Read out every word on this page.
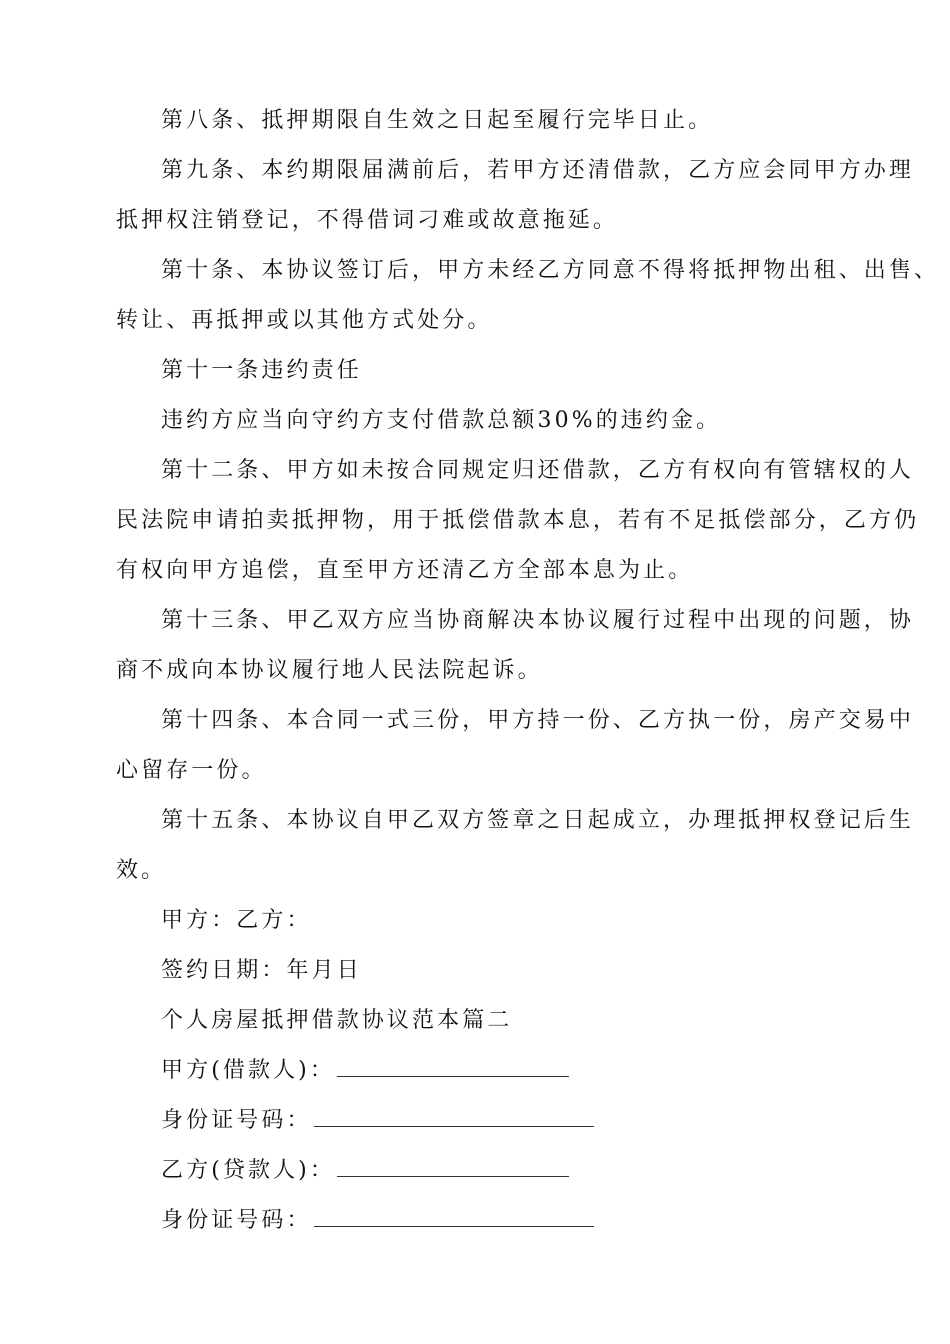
第八条、抵押期限自生效之日起至履行完毕日止。
第九条、本约期限届满前后，若甲方还清借款，乙方应会同甲方办理
抵押权注销登记，不得借词刁难或故意拖延。
第十条、本协议签订后，甲方未经乙方同意不得将抵押物出租、出售、
转让、再抵押或以其他方式处分。
第十一条违约责任
违约方应当向守约方支付借款总额30%的违约金。
第十二条、甲方如未按合同规定归还借款，乙方有权向有管辖权的人
民法院申请拍卖抵押物，用于抵偿借款本息，若有不足抵偿部分，乙方仍
有权向甲方追偿，直至甲方还清乙方全部本息为止。
第十三条、甲乙双方应当协商解决本协议履行过程中出现的问题，协
商不成向本协议履行地人民法院起诉。
第十四条、本合同一式三份，甲方持一份、乙方执一份，房产交易中
心留存一份。
第十五条、本协议自甲乙双方签章之日起成立，办理抵押权登记后生
效。
甲方：乙方：
签约日期：年月日
个人房屋抵押借款协议范本篇二
甲方(借款人)：
身份证号码：
乙方(贷款人)：
身份证号码：
